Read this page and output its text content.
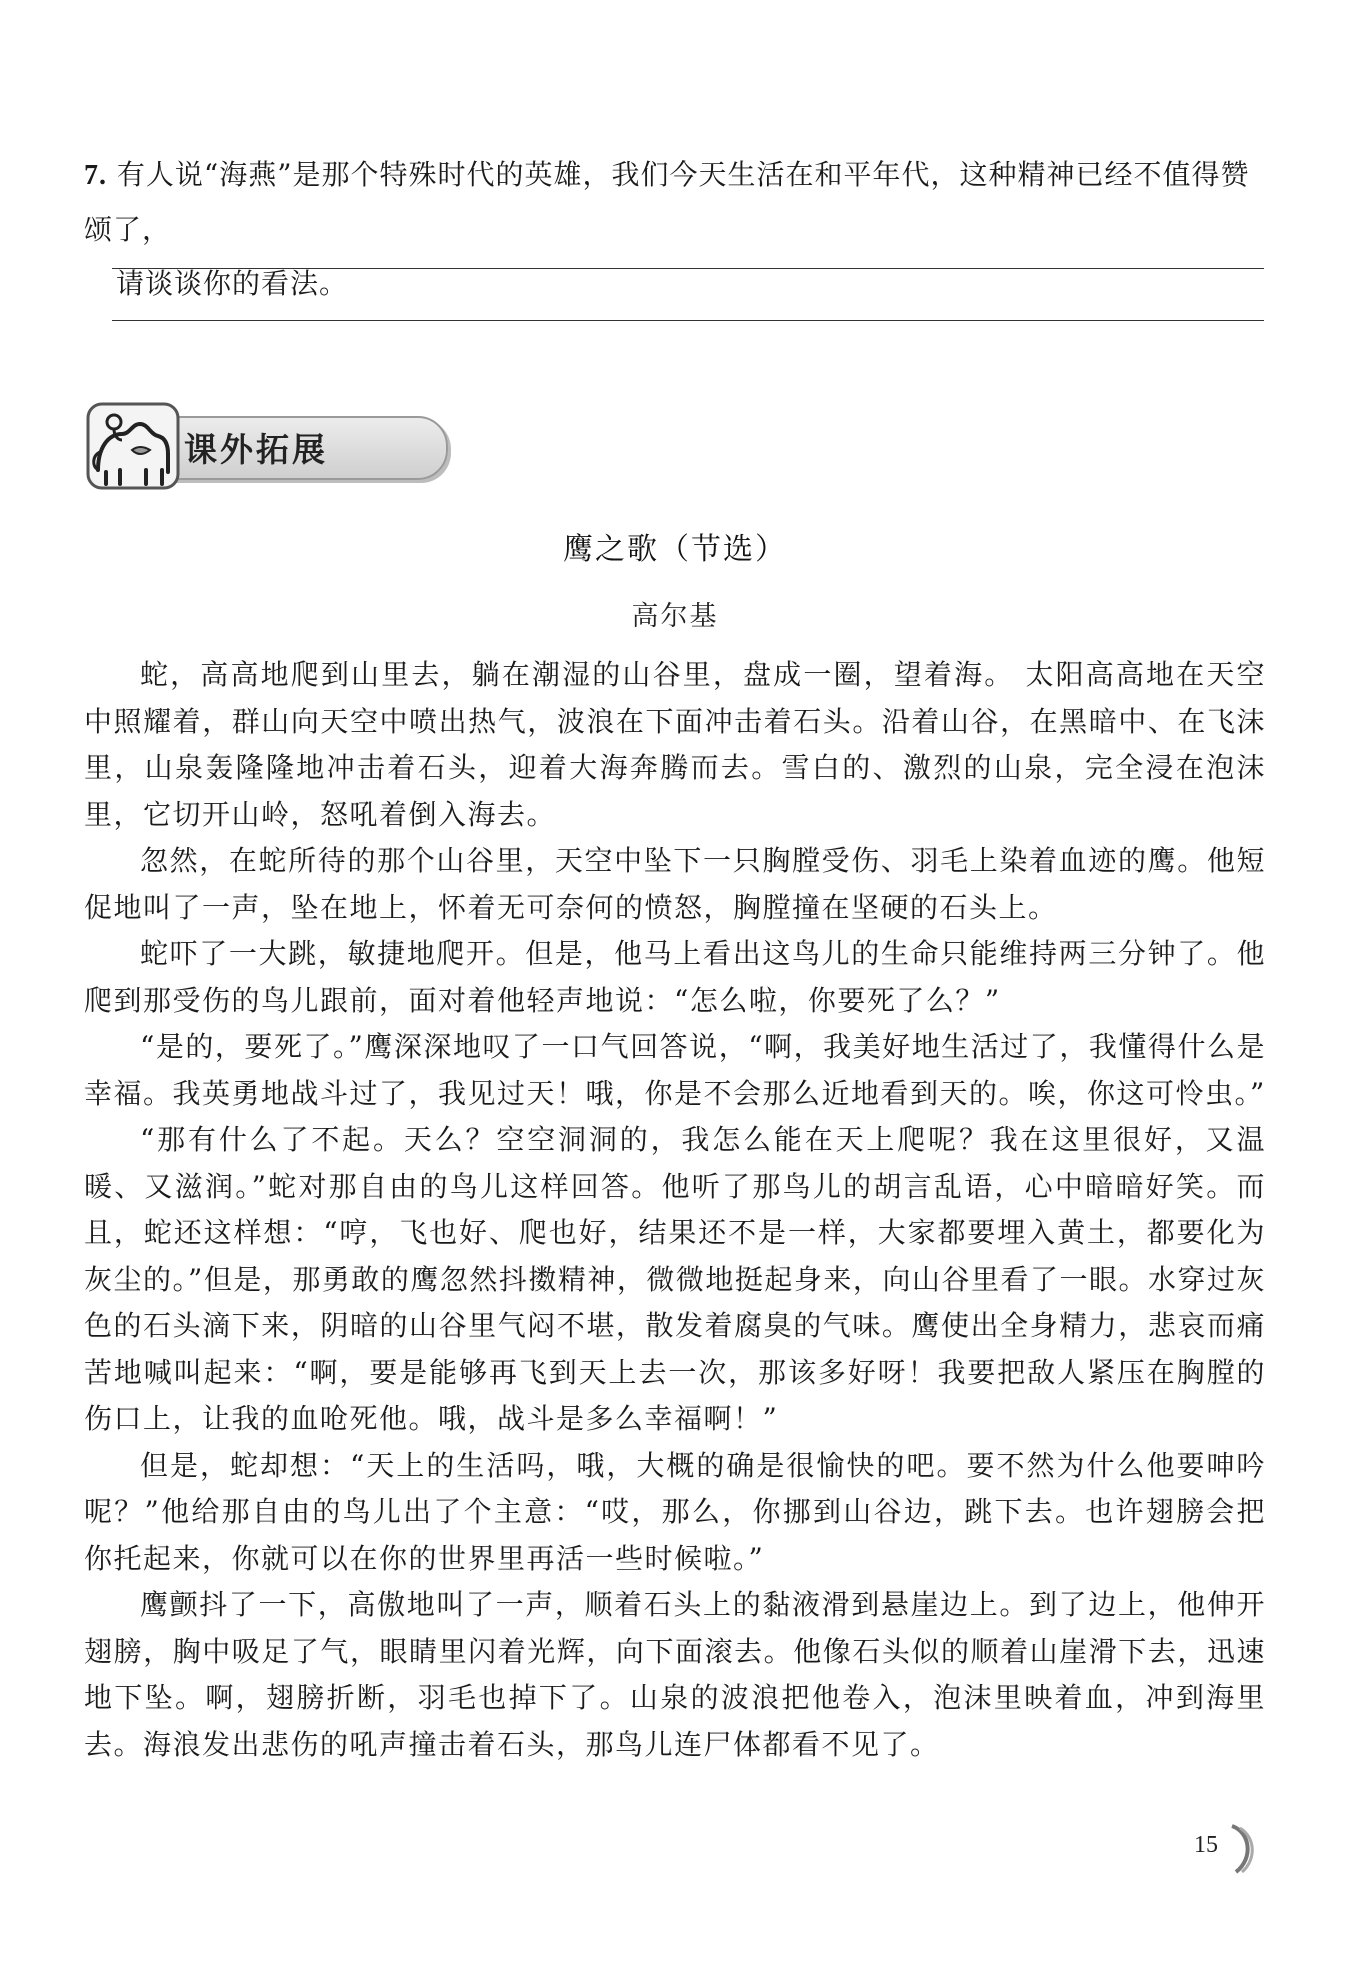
7. 有人说“海燕”是那个特殊时代的英雄，我们今天生活在和平年代，这种精神已经不值得赞颂了，
请谈谈你的看法。
课外拓展
鹰之歌（节选）
高尔基

蛇，高高地爬到山里去，躺在潮湿的山谷里，盘成一圈，望着海。 太阳高高地在天空中照耀着，群山向天空中喷出热气，波浪在下面冲击着石头。沿着山谷，在黑暗中、在飞沫里，山泉轰隆隆地冲击着石头，迎着大海奔腾而去。雪白的、激烈的山泉，完全浸在泡沫里，它切开山岭，怒吼着倒入海去。

忽然，在蛇所待的那个山谷里，天空中坠下一只胸膛受伤、羽毛上染着血迹的鹰。他短促地叫了一声，坠在地上，怀着无可奈何的愤怒，胸膛撞在坚硬的石头上。

蛇吓了一大跳，敏捷地爬开。但是，他马上看出这鸟儿的生命只能维持两三分钟了。他爬到那受伤的鸟儿跟前，面对着他轻声地说：“怎么啦，你要死了么？”

“是的，要死了。”鹰深深地叹了一口气回答说，“啊，我美好地生活过了，我懂得什么是幸福。我英勇地战斗过了，我见过天！哦，你是不会那么近地看到天的。唉，你这可怜虫。”

“那有什么了不起。天么？空空洞洞的，我怎么能在天上爬呢？我在这里很好，又温暖、又滋润。”蛇对那自由的鸟儿这样回答。他听了那鸟儿的胡言乱语，心中暗暗好笑。而且，蛇还这样想：“哼，飞也好、爬也好，结果还不是一样，大家都要埋入黄土，都要化为灰尘的。”但是，那勇敢的鹰忽然抖擞精神，微微地挺起身来，向山谷里看了一眼。水穿过灰色的石头滴下来，阴暗的山谷里气闷不堪，散发着腐臭的气味。鹰使出全身精力，悲哀而痛苦地喊叫起来：“啊，要是能够再飞到天上去一次，那该多好呀！我要把敌人紧压在胸膛的伤口上，让我的血呛死他。哦，战斗是多么幸福啊！”

但是，蛇却想：“天上的生活吗，哦，大概的确是很愉快的吧。要不然为什么他要呻吟呢？”他给那自由的鸟儿出了个主意：“哎，那么，你挪到山谷边，跳下去。也许翅膀会把你托起来，你就可以在你的世界里再活一些时候啦。”

鹰颤抖了一下，高傲地叫了一声，顺着石头上的黏液滑到悬崖边上。到了边上，他伸开翅膀，胸中吸足了气，眼睛里闪着光辉，向下面滚去。他像石头似的顺着山崖滑下去，迅速地下坠。啊，翅膀折断，羽毛也掉下了。山泉的波浪把他卷入，泡沫里映着血，冲到海里去。海浪发出悲伤的吼声撞击着石头，那鸟儿连尸体都看不见了。

15
